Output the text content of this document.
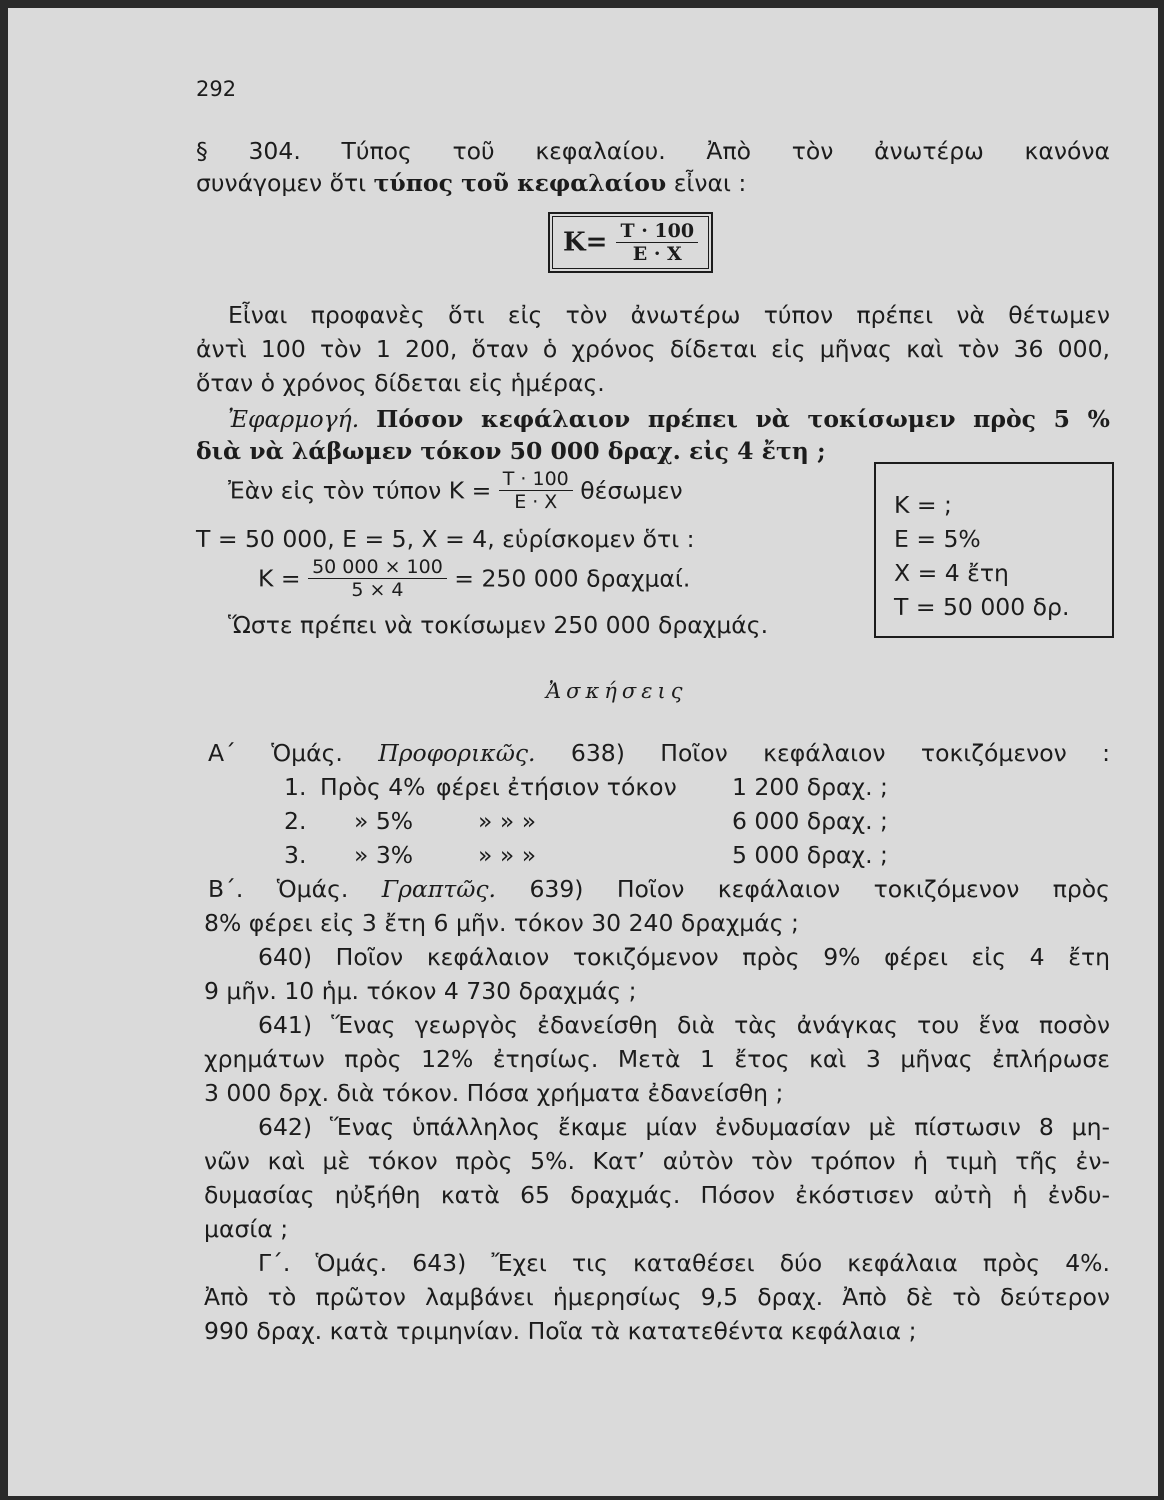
292
§ 304. Τύπος τοῦ κεφαλαίου. Ἀπὸ τὸν ἀνωτέρω κανόνα
συνάγομεν ὅτι τύπος τοῦ κεφαλαίου εἶναι :
$K= \frac{T \cdot 100}{E \cdot X}$
Εἶναι προφανὲς ὅτι εἰς τὸν ἀνωτέρω τύπον πρέπει νὰ θέτωμεν
ἀντὶ 100 τὸν 1 200, ὅταν ὁ χρόνος δίδεται εἰς μῆνας καὶ τὸν 36 000,
ὅταν ὁ χρόνος δίδεται εἰς ἡμέρας.
Ἐφαρμογή. Πόσον κεφάλαιον πρέπει νὰ τοκίσωμεν πρὸς 5 %
διὰ νὰ λάβωμεν τόκον 50 000 δραχ. εἰς 4 ἔτη ;
Ἐὰν εἰς τὸν τύπον $K = \frac{T \cdot 100}{E \cdot X}$ θέσωμεν
Τ = 50 000, Ε = 5, Χ = 4, εὑρίσκομεν ὅτι :
$K = \frac{50 000 \times 100}{5 \times 4} = 250$ 000 δραχμαί.
Ὥστε πρέπει νὰ τοκίσωμεν 250 000 δραχμάς.
Κ = ;
Ε = 5%
Χ = 4 ἔτη
Τ = 50 000 δρ.
Ἀσκήσεις
Α΄ Ὁμάς. Προφορικῶς. 638) Ποῖον κεφάλαιον τοκιζόμενον :
1. Πρὸς 4% φέρει ἐτήσιον τόκον 1 200 δραχ. ;
2. » 5%	» » »	6 000 δραχ. ;
3. » 3%	» » »	5 000 δραχ. ;
Β΄. Ὁμάς. Γραπτῶς. 639) Ποῖον κεφάλαιον τοκιζόμενον πρὸς
8% φέρει εἰς 3 ἔτη 6 μῆν. τόκον 30 240 δραχμάς ;
640) Ποῖον κεφάλαιον τοκιζόμενον πρὸς 9% φέρει εἰς 4 ἔτη
9 μῆν. 10 ἡμ. τόκον 4 730 δραχμάς ;
641) Ἕνας γεωργὸς ἐδανείσθη διὰ τὰς ἀνάγκας του ἕνα ποσὸν
χρημάτων πρὸς 12% ἐτησίως. Μετὰ 1 ἔτος καὶ 3 μῆνας ἐπλήρωσε
3 000 δρχ. διὰ τόκον. Πόσα χρήματα ἐδανείσθη ;
642) Ἕνας ὑπάλληλος ἔκαμε μίαν ἐνδυμασίαν μὲ πίστωσιν 8 μη-
νῶν καὶ μὲ τόκον πρὸς 5%. Κατ’ αὐτὸν τὸν τρόπον ἡ τιμὴ τῆς ἐν-
δυμασίας ηὐξήθη κατὰ 65 δραχμάς. Πόσον ἐκόστισεν αὐτὴ ἡ ἐνδυ-
μασία ;
Γ΄. Ὁμάς. 643) Ἔχει τις καταθέσει δύο κεφάλαια πρὸς 4%.
Ἀπὸ τὸ πρῶτον λαμβάνει ἡμερησίως 9,5 δραχ. Ἀπὸ δὲ τὸ δεύτερον
990 δραχ. κατὰ τριμηνίαν. Ποῖα τὰ κατατεθέντα κεφάλαια ;
